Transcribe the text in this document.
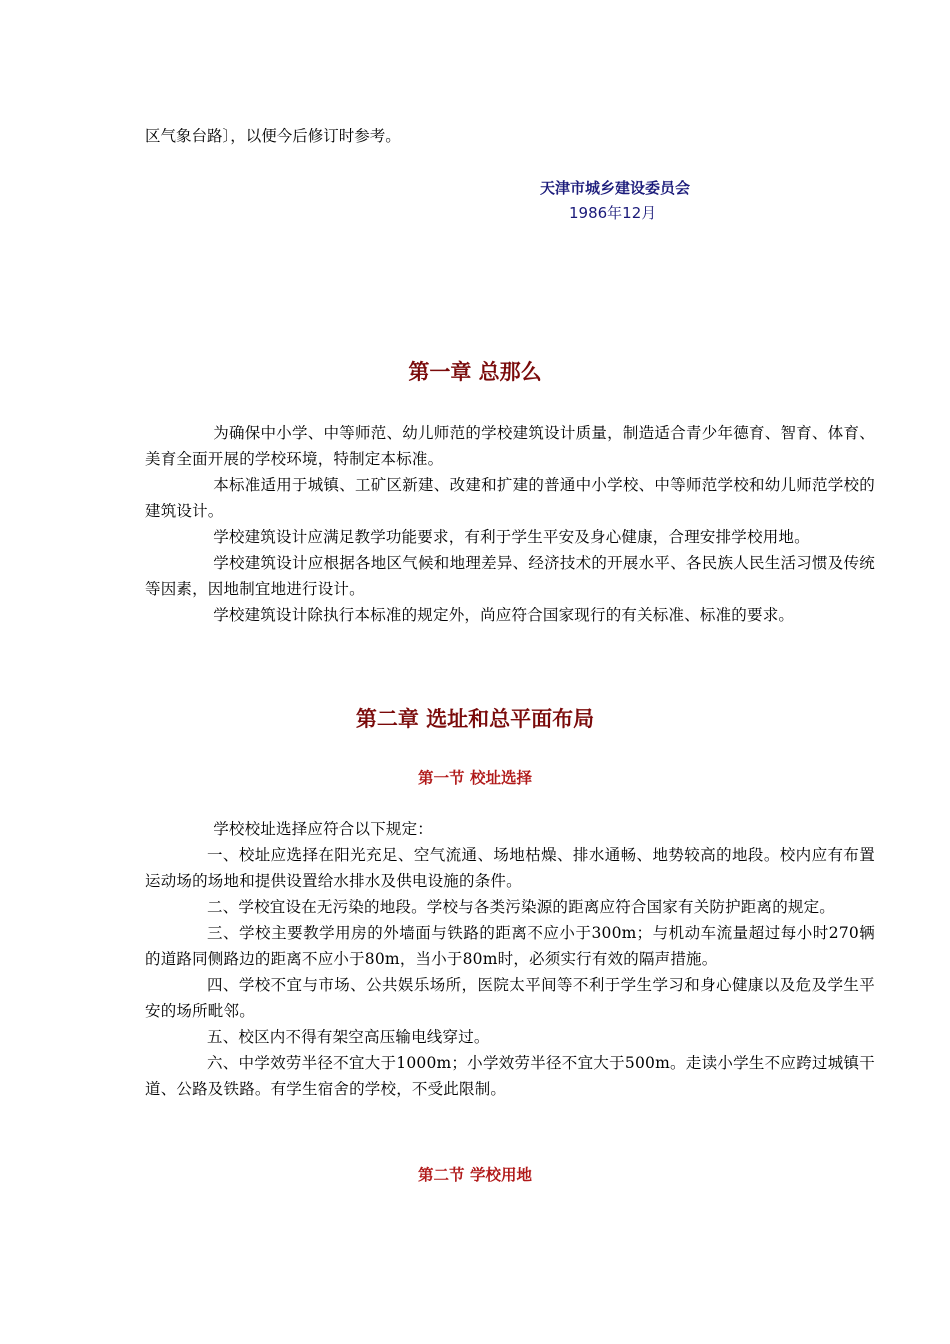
区气象台路〕，以便今后修订时参考。
天津市城乡建设委员会
1986年12月
第一章 总那么

为确保中小学、中等师范、幼儿师范的学校建筑设计质量，制造适合青少年德育、智育、体育、美育全面开展的学校环境，特制定本标准。

本标准适用于城镇、工矿区新建、改建和扩建的普通中小学校、中等师范学校和幼儿师范学校的建筑设计。

学校建筑设计应满足教学功能要求，有利于学生平安及身心健康，合理安排学校用地。

学校建筑设计应根据各地区气候和地理差异、经济技术的开展水平、各民族人民生活习惯及传统等因素，因地制宜地进行设计。

学校建筑设计除执行本标准的规定外，尚应符合国家现行的有关标准、标准的要求。

第二章 选址和总平面布局
第一节 校址选择

学校校址选择应符合以下规定：

一、校址应选择在阳光充足、空气流通、场地枯燥、排水通畅、地势较高的地段。校内应有布置运动场的场地和提供设置给水排水及供电设施的条件。

二、学校宜设在无污染的地段。学校与各类污染源的距离应符合国家有关防护距离的规定。

三、学校主要教学用房的外墙面与铁路的距离不应小于300m；与机动车流量超过每小时270辆的道路同侧路边的距离不应小于80m，当小于80m时，必须实行有效的隔声措施。

四、学校不宜与市场、公共娱乐场所，医院太平间等不利于学生学习和身心健康以及危及学生平安的场所毗邻。

五、校区内不得有架空高压输电线穿过。

六、中学效劳半径不宜大于1000m；小学效劳半径不宜大于500m。走读小学生不应跨过城镇干道、公路及铁路。有学生宿舍的学校，不受此限制。

第二节 学校用地
